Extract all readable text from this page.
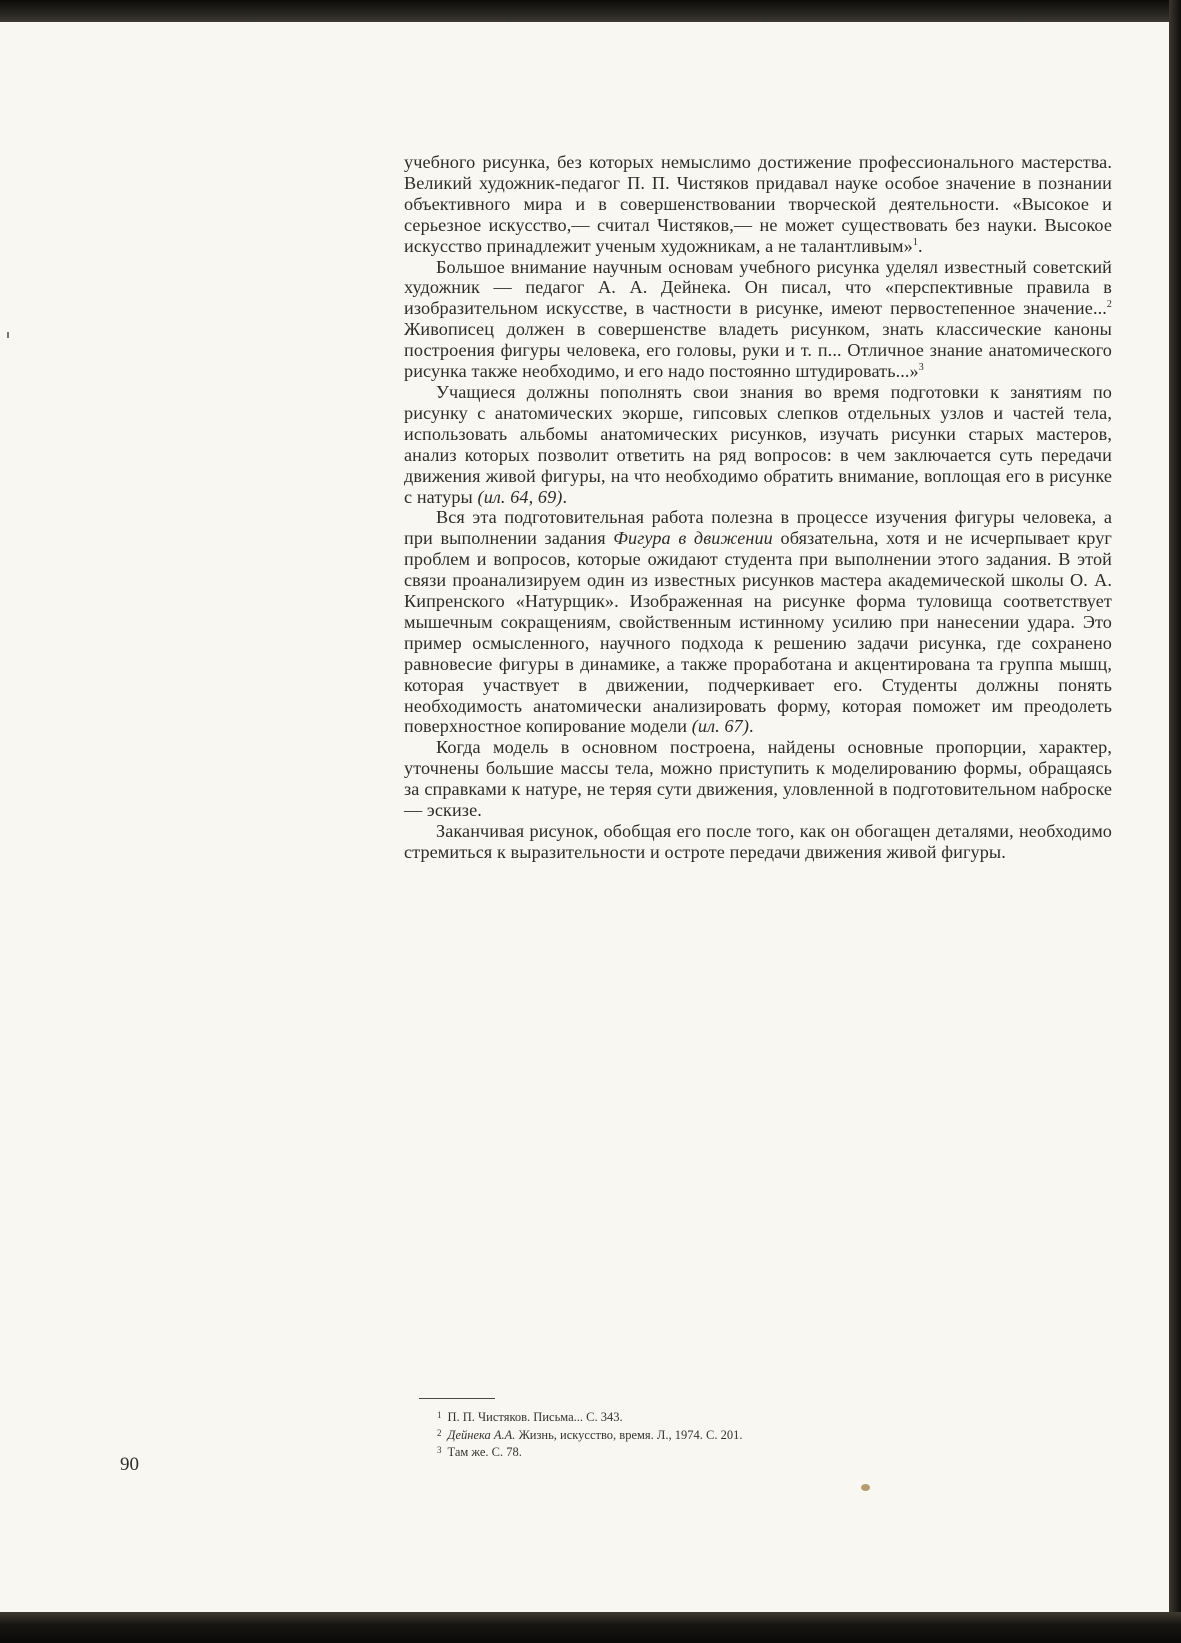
учебного рисунка, без которых немыслимо достижение профессионального мастерства. Великий художник-педагог П. П. Чистяков придавал науке особое значение в познании объективного мира и в совершенствовании творческой деятельности. «Высокое и серьезное искусство,— считал Чистяков,— не может существовать без науки. Высокое искусство принадлежит ученым художникам, а не талантливым»$^1$.

Большое внимание научным основам учебного рисунка уделял известный советский художник — педагог А. А. Дейнека. Он писал, что «перспективные правила в изобразительном искусстве, в частности в рисунке, имеют первостепенное значение...$^2$ Живописец должен в совершенстве владеть рисунком, знать классические каноны построения фигуры человека, его головы, руки и т. п... Отличное знание анатомического рисунка также необходимо, и его надо постоянно штудировать...»$^3$

Учащиеся должны пополнять свои знания во время подготовки к занятиям по рисунку с анатомических экорше, гипсовых слепков отдельных узлов и частей тела, использовать альбомы анатомических рисунков, изучать рисунки старых мастеров, анализ которых позволит ответить на ряд вопросов: в чем заключается суть передачи движения живой фигуры, на что необходимо обратить внимание, воплощая его в рисунке с натуры (ил. 64, 69).

Вся эта подготовительная работа полезна в процессе изучения фигуры человека, а при выполнении задания Фигура в движении обязательна, хотя и не исчерпывает круг проблем и вопросов, которые ожидают студента при выполнении этого задания. В этой связи проанализируем один из известных рисунков мастера академической школы О. А. Кипренского «Натурщик». Изображенная на рисунке форма туловища соответствует мышечным сокращениям, свойственным истинному усилию при нанесении удара. Это пример осмысленного, научного подхода к решению задачи рисунка, где сохранено равновесие фигуры в динамике, а также проработана и акцентирована та группа мышц, которая участвует в движении, подчеркивает его. Студенты должны понять необходимость анатомически анализировать форму, которая поможет им преодолеть поверхностное копирование модели (ил. 67).

Когда модель в основном построена, найдены основные пропорции, характер, уточнены большие массы тела, можно приступить к моделированию формы, обращаясь за справками к натуре, не теряя сути движения, уловленной в подготовительном наброске — эскизе.

Заканчивая рисунок, обобщая его после того, как он обогащен деталями, необходимо стремиться к выразительности и остроте передачи движения живой фигуры.

$^1$ П. П. Чистяков. Письма... С. 343.

$^2$ Дейнека А.А. Жизнь, искусство, время. Л., 1974. С. 201.

$^3$ Там же. С. 78.

90
